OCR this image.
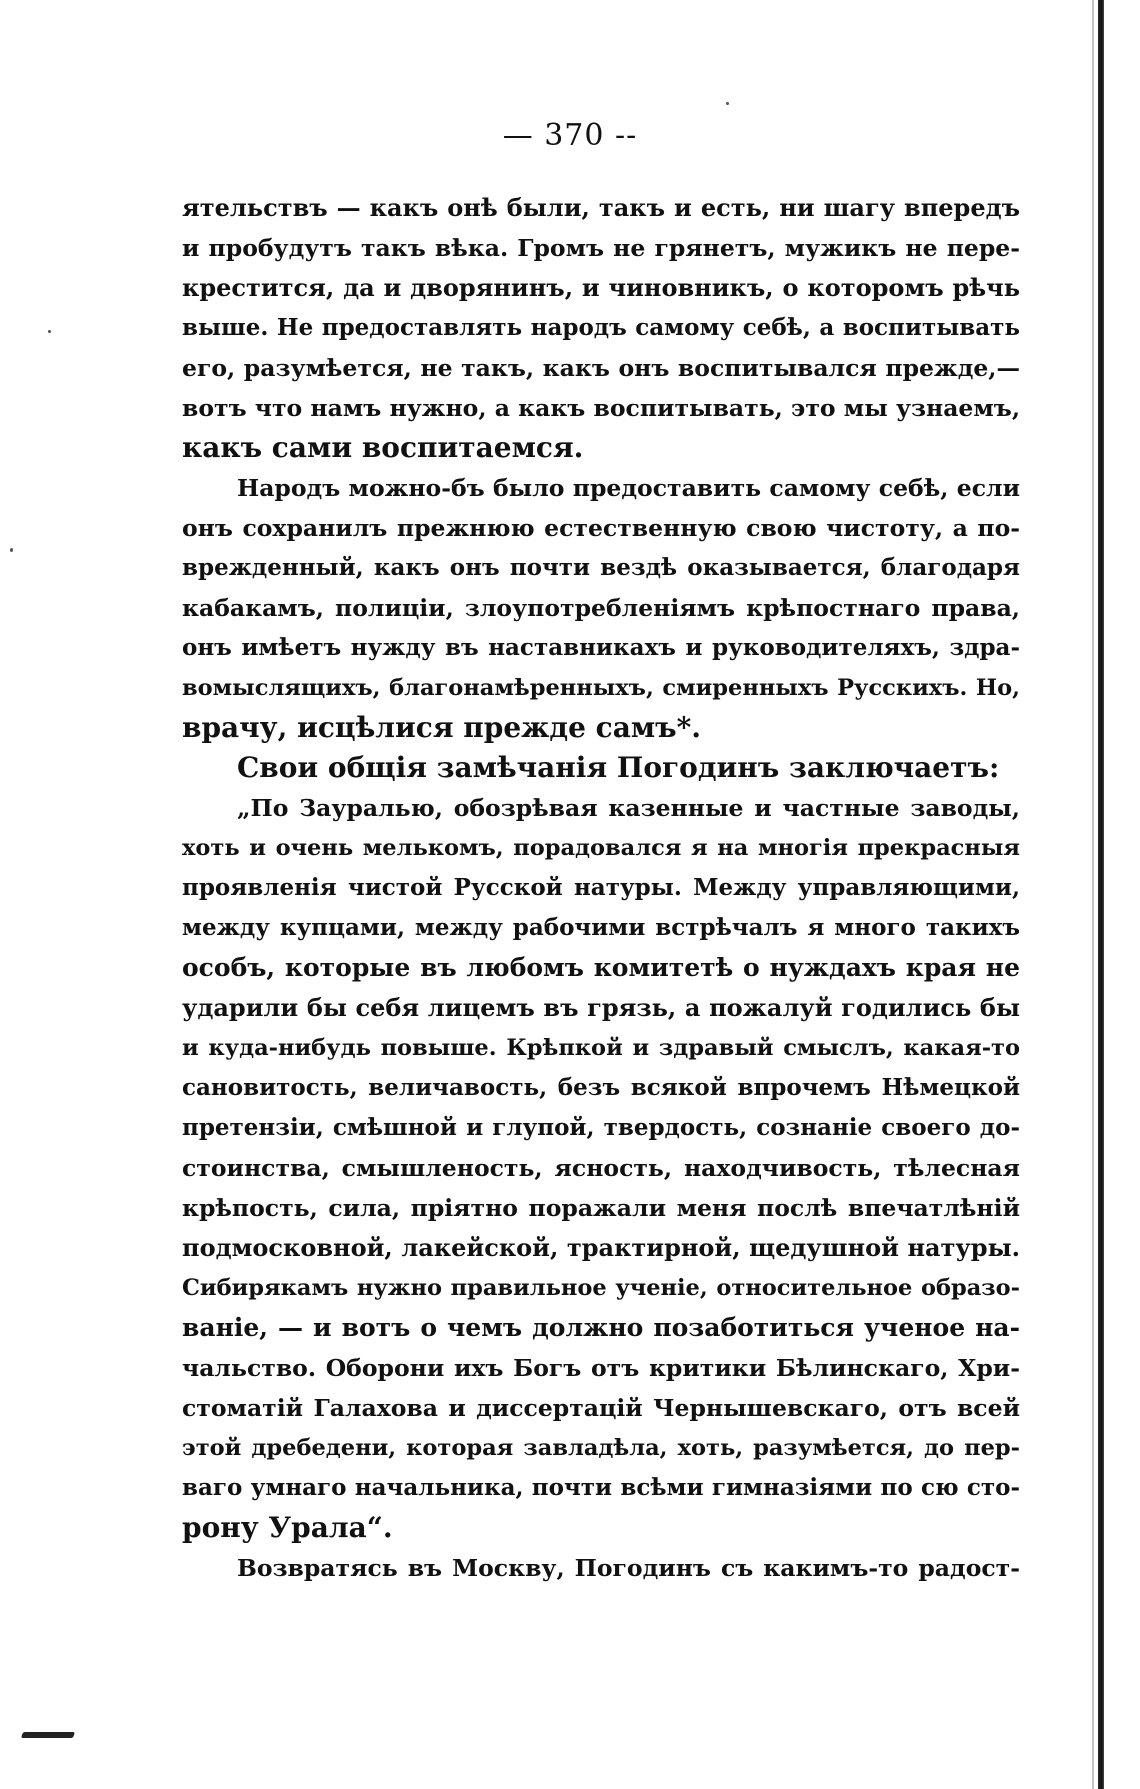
— 370 --
ятельствъ — какъ онѣ были, такъ и есть, ни шагу впередъ
и пробудутъ такъ вѣка. Громъ не грянетъ, мужикъ не пере-
крестится, да и дворянинъ, и чиновникъ, о которомъ рѣчь
выше. Не предоставлять народъ самому себѣ, а воспитывать
его, разумѣется, не такъ, какъ онъ воспитывался прежде,—
вотъ что намъ нужно, а какъ воспитывать, это мы узнаемъ,
какъ сами воспитаемся.
Народъ можно-бъ было предоставить самому себѣ, если
онъ сохранилъ прежнюю естественную свою чистоту, а по-
врежденный, какъ онъ почти вездѣ оказывается, благодаря
кабакамъ, полиціи, злоупотребленіямъ крѣпостнаго права,
онъ имѣетъ нужду въ наставникахъ и руководителяхъ, здра-
вомыслящихъ, благонамѣренныхъ, смиренныхъ Русскихъ. Но,
врачу, исцѣлися прежде самъ*.
Свои общія замѣчанія Погодинъ заключаетъ:
„По Зауралью, обозрѣвая казенные и частные заводы,
хоть и очень мелькомъ, порадовался я на многія прекрасныя
проявленія чистой Русской натуры. Между управляющими,
между купцами, между рабочими встрѣчалъ я много такихъ
особъ, которые въ любомъ комитетѣ о нуждахъ края не
ударили бы себя лицемъ въ грязь, а пожалуй годились бы
и куда-нибудь повыше. Крѣпкой и здравый смыслъ, какая-то
сановитость, величавость, безъ всякой впрочемъ Нѣмецкой
претензіи, смѣшной и глупой, твердость, сознаніе своего до-
стоинства, смышленость, ясность, находчивость, тѣлесная
крѣпость, сила, пріятно поражали меня послѣ впечатлѣній
подмосковной, лакейской, трактирной, щедушной натуры.
Сибирякамъ нужно правильное ученіе, относительное образо-
ваніе, — и вотъ о чемъ должно позаботиться ученое на-
чальство. Оборони ихъ Богъ отъ критики Бѣлинскаго, Хри-
стоматій Галахова и диссертацій Чернышевскаго, отъ всей
этой дребедени, которая завладѣла, хоть, разумѣется, до пер-
ваго умнаго начальника, почти всѣми гимназіями по сю сто-
рону Урала“.
Возвратясь въ Москву, Погодинъ съ какимъ-то радост-
